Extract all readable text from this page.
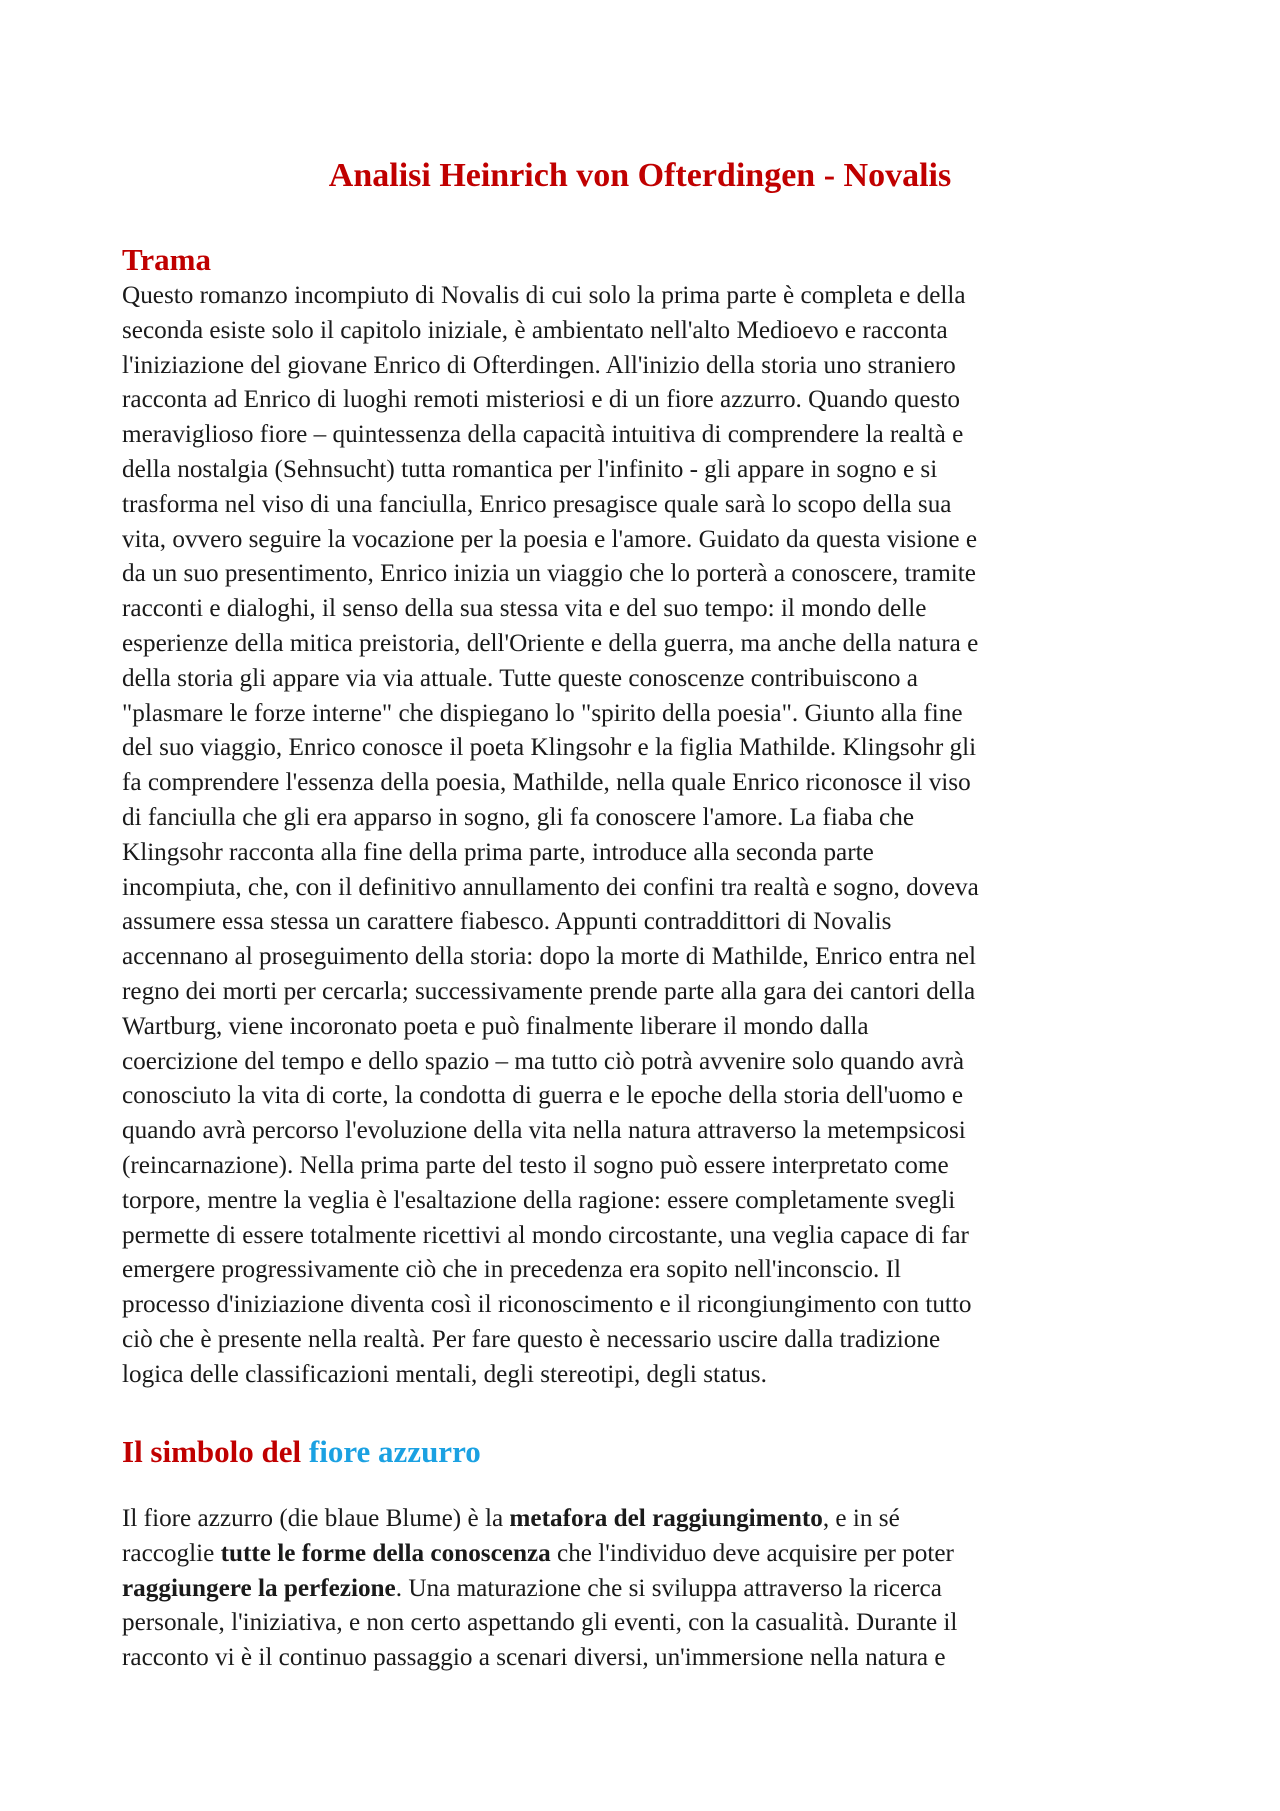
Analisi Heinrich von Ofterdingen - Novalis
Trama
Questo romanzo incompiuto di Novalis di cui solo la prima parte è completa e della
seconda esiste solo il capitolo iniziale, è ambientato nell'alto Medioevo e racconta
l'iniziazione del giovane Enrico di Ofterdingen. All'inizio della storia uno straniero
racconta ad Enrico di luoghi remoti misteriosi e di un fiore azzurro. Quando questo
meraviglioso fiore – quintessenza della capacità intuitiva di comprendere la realtà e
della nostalgia (Sehnsucht) tutta romantica per l'infinito - gli appare in sogno e si
trasforma nel viso di una fanciulla, Enrico presagisce quale sarà lo scopo della sua
vita, ovvero seguire la vocazione per la poesia e l'amore. Guidato da questa visione e
da un suo presentimento, Enrico inizia un viaggio che lo porterà a conoscere, tramite
racconti e dialoghi, il senso della sua stessa vita e del suo tempo: il mondo delle
esperienze della mitica preistoria, dell'Oriente e della guerra, ma anche della natura e
della storia gli appare via via attuale. Tutte queste conoscenze contribuiscono a
"plasmare le forze interne" che dispiegano lo "spirito della poesia". Giunto alla fine
del suo viaggio, Enrico conosce il poeta Klingsohr e la figlia Mathilde. Klingsohr gli
fa comprendere l'essenza della poesia, Mathilde, nella quale Enrico riconosce il viso
di fanciulla che gli era apparso in sogno, gli fa conoscere l'amore. La fiaba che
Klingsohr racconta alla fine della prima parte, introduce alla seconda parte
incompiuta, che, con il definitivo annullamento dei confini tra realtà e sogno, doveva
assumere essa stessa un carattere fiabesco. Appunti contraddittori di Novalis
accennano al proseguimento della storia: dopo la morte di Mathilde, Enrico entra nel
regno dei morti per cercarla; successivamente prende parte alla gara dei cantori della
Wartburg, viene incoronato poeta e può finalmente liberare il mondo dalla
coercizione del tempo e dello spazio – ma tutto ciò potrà avvenire solo quando avrà
conosciuto la vita di corte, la condotta di guerra e le epoche della storia dell'uomo e
quando avrà percorso l'evoluzione della vita nella natura attraverso la metempsicosi
(reincarnazione). Nella prima parte del testo il sogno può essere interpretato come
torpore, mentre la veglia è l'esaltazione della ragione: essere completamente svegli
permette di essere totalmente ricettivi al mondo circostante, una veglia capace di far
emergere progressivamente ciò che in precedenza era sopito nell'inconscio. Il
processo d'iniziazione diventa così il riconoscimento e il ricongiungimento con tutto
ciò che è presente nella realtà. Per fare questo è necessario uscire dalla tradizione
logica delle classificazioni mentali, degli stereotipi, degli status.
Il simbolo del fiore azzurro
Il fiore azzurro (die blaue Blume) è la metafora del raggiungimento, e in sé
raccoglie tutte le forme della conoscenza che l'individuo deve acquisire per poter
raggiungere la perfezione. Una maturazione che si sviluppa attraverso la ricerca
personale, l'iniziativa, e non certo aspettando gli eventi, con la casualità. Durante il
racconto vi è il continuo passaggio a scenari diversi, un'immersione nella natura e
